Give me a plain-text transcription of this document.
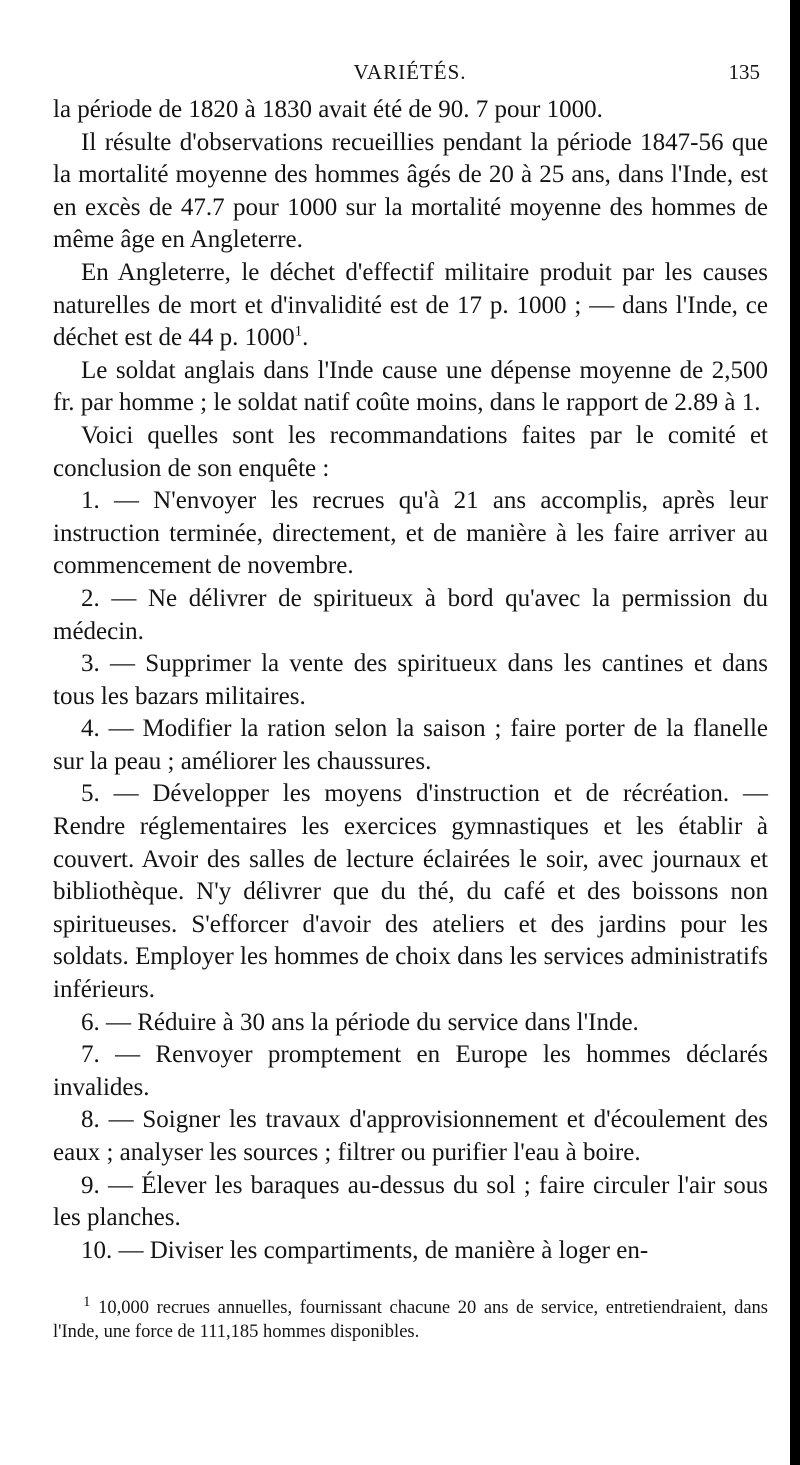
VARIÉTÉS.	135

la période de 1820 à 1830 avait été de 90. 7 pour 1000.

Il résulte d'observations recueillies pendant la période 1847-56 que la mortalité moyenne des hommes âgés de 20 à 25 ans, dans l'Inde, est en excès de 47.7 pour 1000 sur la mortalité moyenne des hommes de même âge en Angleterre.

En Angleterre, le déchet d'effectif militaire produit par les causes naturelles de mort et d'invalidité est de 17 p. 1000 ; — dans l'Inde, ce déchet est de 44 p. 1000$^1$.

Le soldat anglais dans l'Inde cause une dépense moyenne de 2,500 fr. par homme ; le soldat natif coûte moins, dans le rapport de 2.89 à 1.

Voici quelles sont les recommandations faites par le comité et conclusion de son enquête :

1. — N'envoyer les recrues qu'à 21 ans accomplis, après leur instruction terminée, directement, et de manière à les faire arriver au commencement de novembre.

2. — Ne délivrer de spiritueux à bord qu'avec la permission du médecin.

3. — Supprimer la vente des spiritueux dans les cantines et dans tous les bazars militaires.

4. — Modifier la ration selon la saison ; faire porter de la flanelle sur la peau ; améliorer les chaussures.

5. — Développer les moyens d'instruction et de récréation. — Rendre réglementaires les exercices gymnastiques et les établir à couvert. Avoir des salles de lecture éclairées le soir, avec journaux et bibliothèque. N'y délivrer que du thé, du café et des boissons non spiritueuses. S'efforcer d'avoir des ateliers et des jardins pour les soldats. Employer les hommes de choix dans les services administratifs inférieurs.

6. — Réduire à 30 ans la période du service dans l'Inde.

7. — Renvoyer promptement en Europe les hommes déclarés invalides.

8. — Soigner les travaux d'approvisionnement et d'écoulement des eaux ; analyser les sources ; filtrer ou purifier l'eau à boire.

9. — Élever les baraques au-dessus du sol ; faire circuler l'air sous les planches.

10. — Diviser les compartiments, de manière à loger en-

$^1$ 10,000 recrues annuelles, fournissant chacune 20 ans de service, entretiendraient, dans l'Inde, une force de 111,185 hommes disponibles.
